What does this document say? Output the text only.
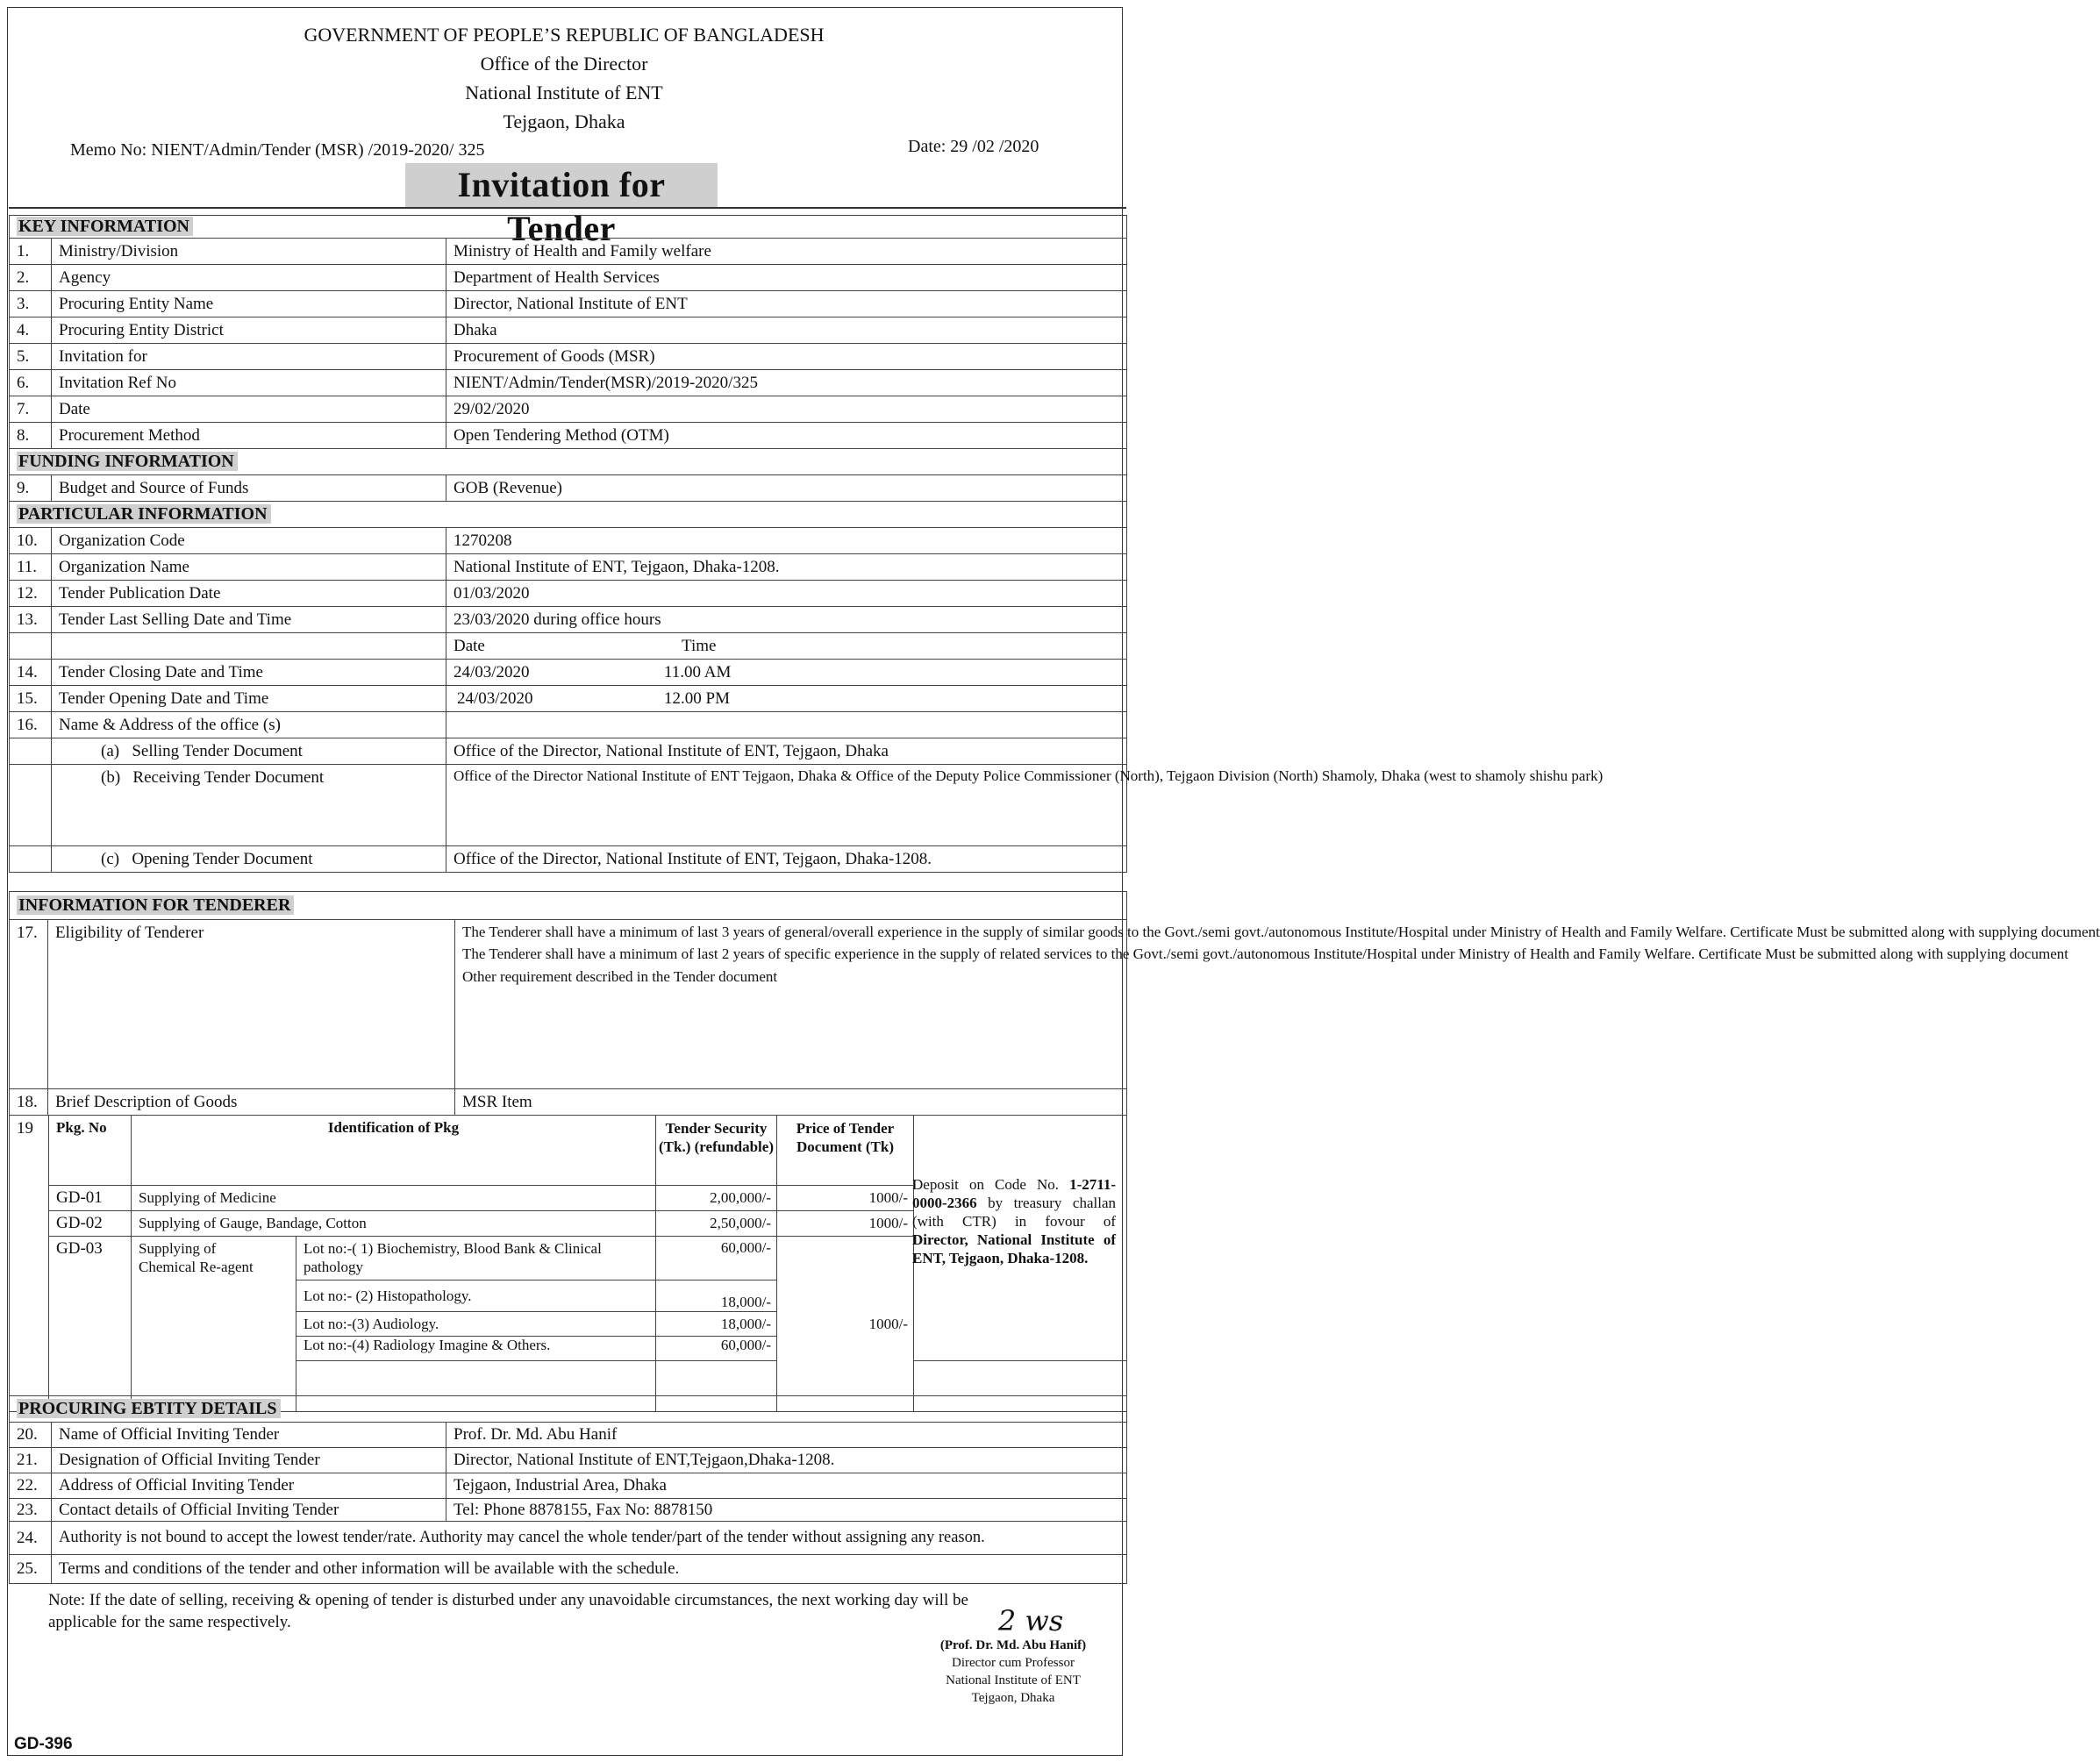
GOVERNMENT OF PEOPLE’S REPUBLIC OF BANGLADESH
Office of the Director
National Institute of ENT
Tejgaon, Dhaka
Memo No: NIENT/Admin/Tender (MSR) /2019-2020/ 325	Date: 29 /02 /2020
Invitation for Tender
KEY INFORMATION		
1.	Ministry/Division	Ministry of Health and Family welfare
2.	Agency	Department of Health Services
3.	Procuring Entity Name	Director, National Institute of ENT
4.	Procuring Entity District	Dhaka
5.	Invitation for	Procurement of Goods (MSR)
6.	Invitation Ref No	NIENT/Admin/Tender(MSR)/2019-2020/325
7.	Date	29/02/2020
8.	Procurement Method	Open Tendering Method (OTM)
FUNDING INFORMATION		
9.	Budget and Source of Funds	GOB (Revenue)
PARTICULAR INFORMATION		
10.	Organization Code	1270208
11.	Organization Name	National Institute of ENT, Tejgaon, Dhaka-1208.
12.	Tender Publication Date	01/03/2020
13.	Tender Last Selling Date and Time	23/03/2020 during office hours
		Date Time
14.	Tender Closing Date and Time	24/03/2020 11.00 AM
15.	Tender Opening Date and Time	24/03/2020 12.00 PM
16.	Name & Address of the office (s)	
	(a)   Selling Tender Document	Office of the Director, National Institute of ENT, Tejgaon, Dhaka
	(b)   Receiving Tender Document	Office of the Director National Institute of ENT Tejgaon, Dhaka & Office of the Deputy Police Commissioner (North), Tejgaon Division (North) Shamoly, Dhaka (west to shamoly shishu park)
	(c)   Opening Tender Document	Office of the Director, National Institute of ENT, Tejgaon, Dhaka-1208.
INFORMATION FOR TENDERER		
17.	Eligibility of Tenderer	The Tenderer shall have a minimum of last 3 years of general/overall experience in the supply of similar goods to the Govt./semi govt./autonomous Institute/Hospital under Ministry of Health and Family Welfare. Certificate Must be submitted along with supplying document
The Tenderer shall have a minimum of last 2 years of specific experience in the supply of related services to the Govt./semi govt./autonomous Institute/Hospital under Ministry of Health and Family Welfare. Certificate Must be submitted along with supplying document
Other requirement described in the Tender document

18.	Brief Description of Goods	MSR Item
19	Pkg. No	Identification of Pkg		Tender Security (Tk.) (refundable)	Price of Tender Document (Tk)	
	GD-01	Supplying of Medicine		2,00,000/-	1000/-	
	GD-02	Supplying of Gauge, Bandage, Cotton		2,50,000/-	1000/-	
	GD-03	Supplying of Chemical Re-agent	Lot no:-( 1) Biochemistry, Blood Bank & Clinical pathology	60,000/-	1000/-	
			Lot no:- (2) Histopathology.	18,000/-		
			Lot no:-(3) Audiology.	18,000/-		
			Lot no:-(4) Radiology Imagine & Others.	60,000/-		

Deposit on Code No. 1-2711-0000-2366 by treasury challan (with CTR) in fovour of Director, National Institute of ENT, Tejgaon, Dhaka-1208.
PROCURING EBTITY DETAILS		
20.	Name of Official Inviting Tender	Prof. Dr. Md. Abu Hanif
21.	Designation of Official Inviting Tender	Director, National Institute of ENT,Tejgaon,Dhaka-1208.
22.	Address of Official Inviting Tender	Tejgaon, Industrial Area, Dhaka
23.	Contact details of Official Inviting Tender	Tel: Phone 8878155, Fax No: 8878150
24.	Authority is not bound to accept the lowest tender/rate. Authority may cancel the whole tender/part of the tender without assigning any reason.	
25.	Terms and conditions of the tender and other information will be available with the schedule.	
Note: If the date of selling, receiving & opening of tender is disturbed under any unavoidable circumstances, the next working day will be applicable for the same respectively.	2 ws
(Prof. Dr. Md. Abu Hanif)
Director cum Professor
National Institute of ENT
Tejgaon, Dhaka
GD-396
